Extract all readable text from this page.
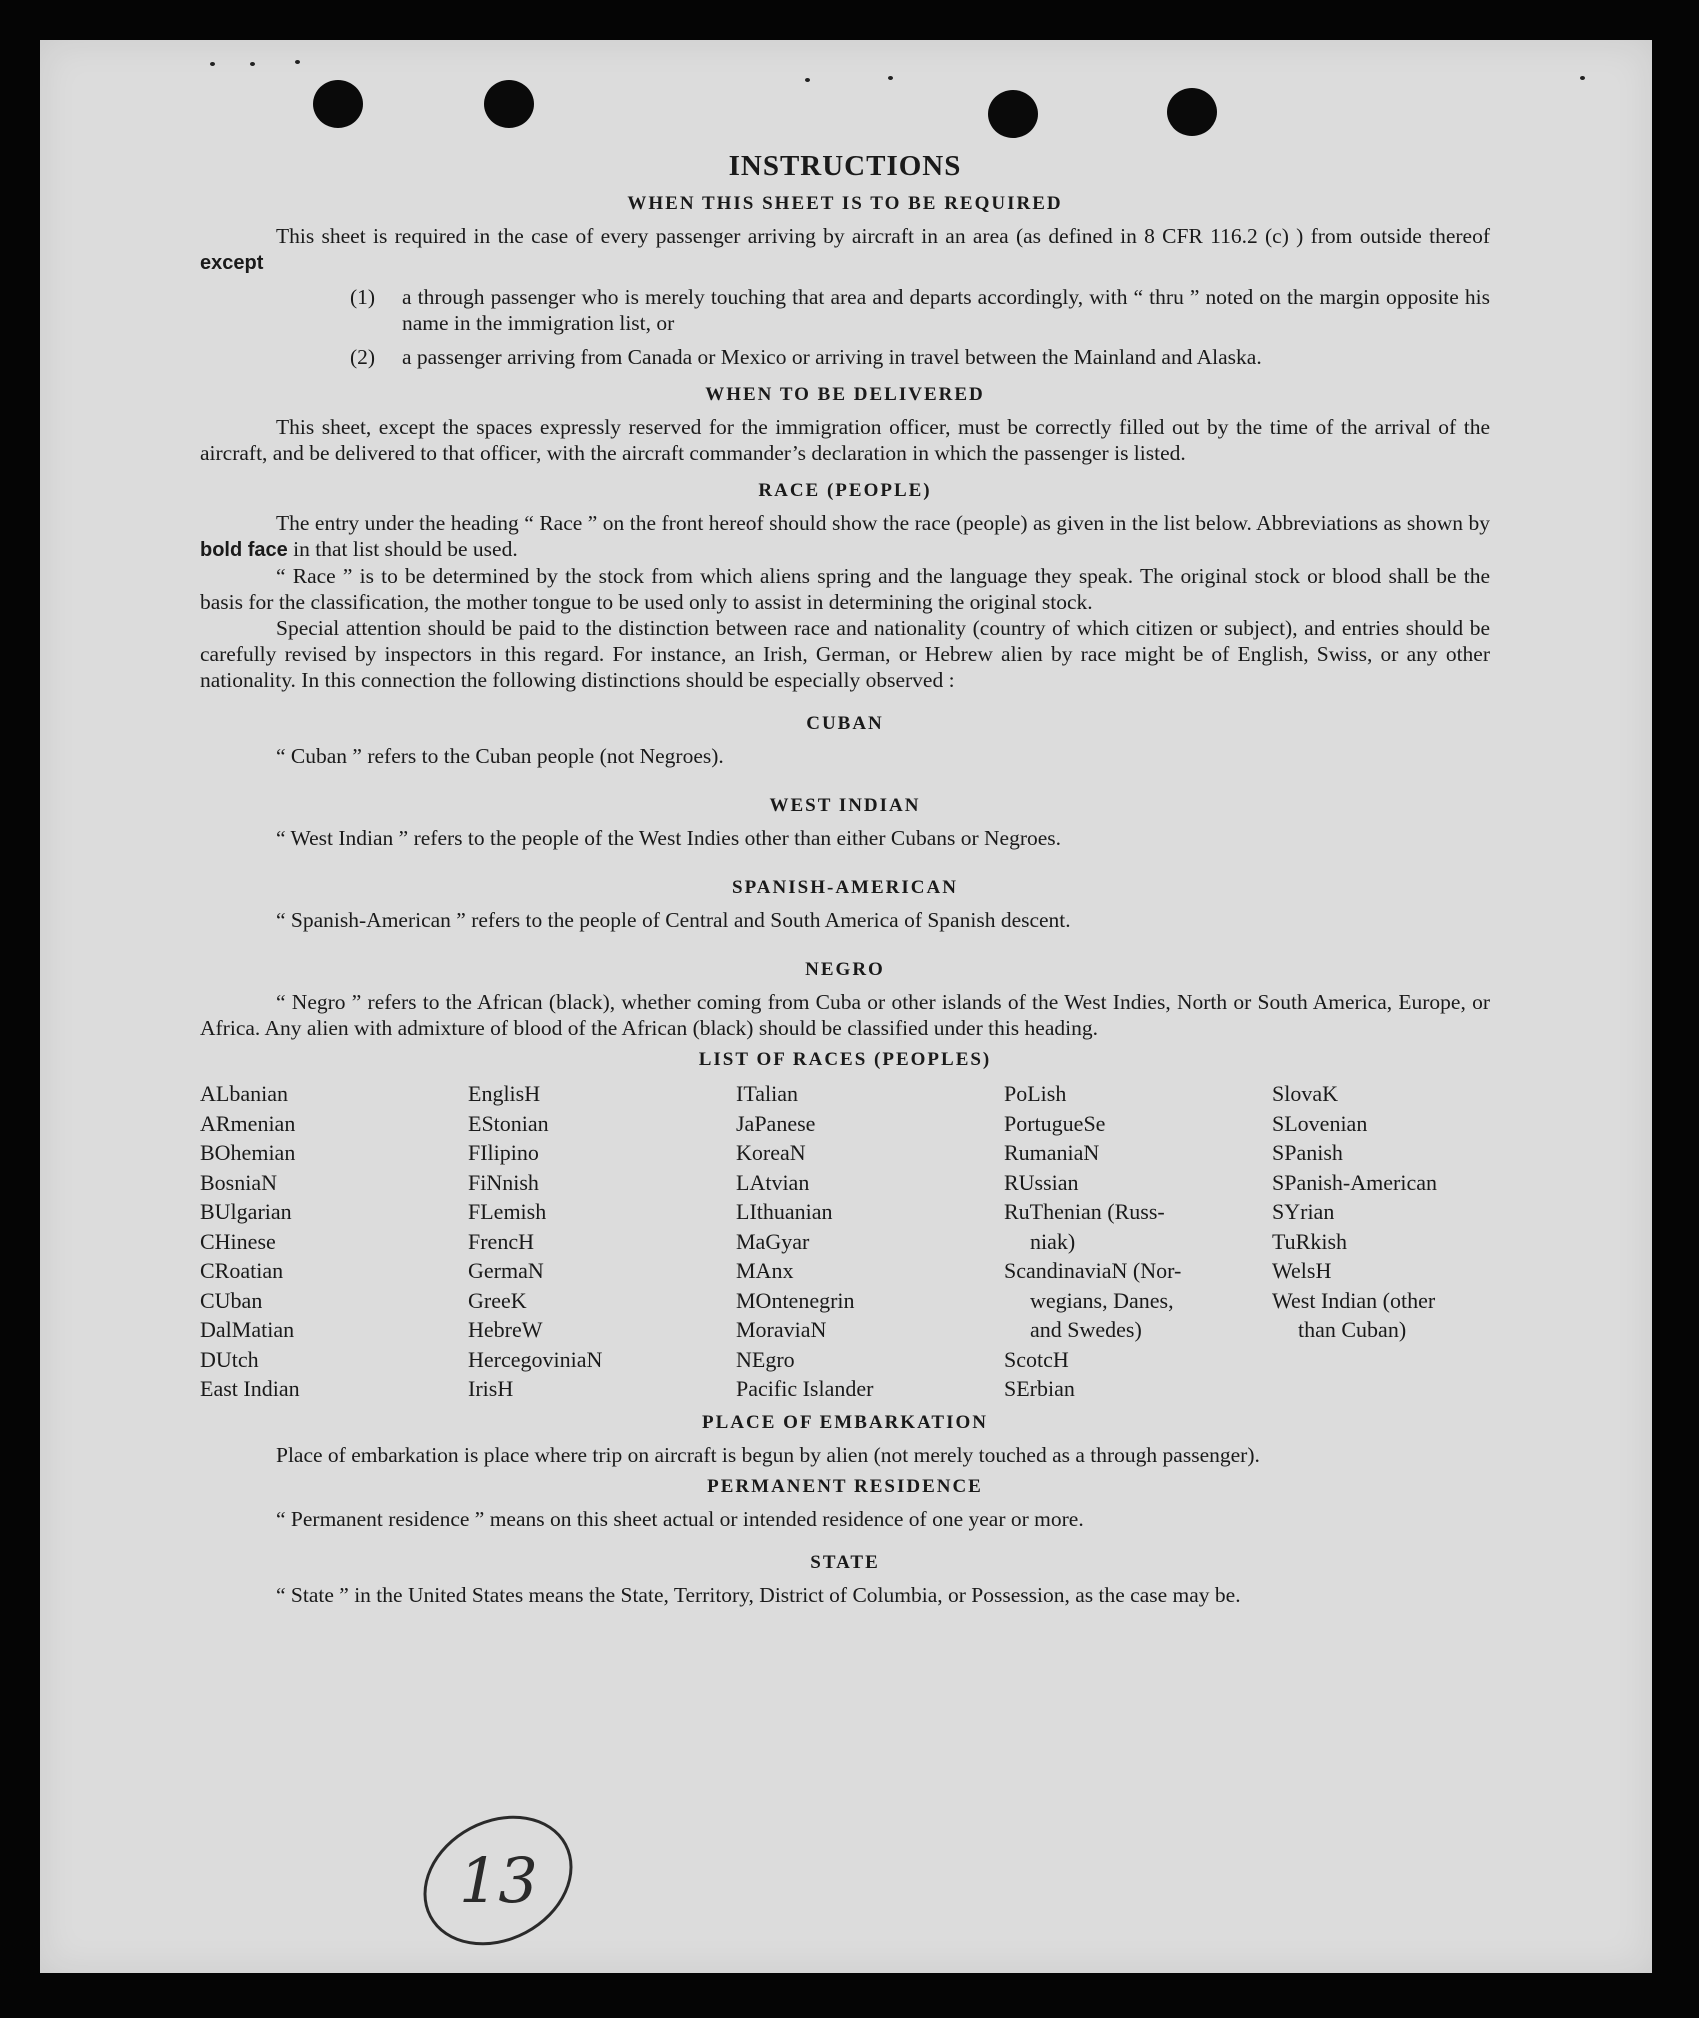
INSTRUCTIONS
WHEN THIS SHEET IS TO BE REQUIRED

This sheet is required in the case of every passenger arriving by aircraft in an area (as defined in 8 CFR 116.2 (c) ) from outside thereof except

(1)	a through passenger who is merely touching that area and departs accordingly, with “ thru ” noted on the margin opposite his name in the immigration list, or
(2)	a passenger arriving from Canada or Mexico or arriving in travel between the Mainland and Alaska.
WHEN TO BE DELIVERED

This sheet, except the spaces expressly reserved for the immigration officer, must be correctly filled out by the time of the arrival of the aircraft, and be delivered to that officer, with the aircraft commander’s declaration in which the passenger is listed.

RACE (PEOPLE)

The entry under the heading “ Race ” on the front hereof should show the race (people) as given in the list below. Abbreviations as shown by bold face in that list should be used.

“ Race ” is to be determined by the stock from which aliens spring and the language they speak. The original stock or blood shall be the basis for the classification, the mother tongue to be used only to assist in determining the original stock.

Special attention should be paid to the distinction between race and nationality (country of which citizen or subject), and entries should be carefully revised by inspectors in this regard. For instance, an Irish, German, or Hebrew alien by race might be of English, Swiss, or any other nationality. In this connection the following distinctions should be especially observed :

CUBAN

“ Cuban ” refers to the Cuban people (not Negroes).

WEST INDIAN

“ West Indian ” refers to the people of the West Indies other than either Cubans or Negroes.

SPANISH-AMERICAN

“ Spanish-American ” refers to the people of Central and South America of Spanish descent.

NEGRO

“ Negro ” refers to the African (black), whether coming from Cuba or other islands of the West Indies, North or South America, Europe, or Africa. Any alien with admixture of blood of the African (black) should be classified under this heading.

LIST OF RACES (PEOPLES)
ALbanian
ARmenian
BOhemian
BosniaN
BUlgarian
CHinese
CRoatian
CUban
DalMatian
DUtch
East Indian
EnglisH
EStonian
FIlipino
FiNnish
FLemish
FrencH
GermaN
GreeK
HebreW
HercegoviniaN
IrisH
ITalian
JaPanese
KoreaN
LAtvian
LIthuanian
MaGyar
MAnx
MOntenegrin
MoraviaN
NEgro
Pacific Islander
PoLish
PortugueSe
RumaniaN
RUssian
RuThenian (Russ-
niak)
ScandinaviaN (Nor-
wegians, Danes,
and Swedes)
ScotcH
SErbian
SlovaK
SLovenian
SPanish
SPanish-American
SYrian
TuRkish
WelsH
West Indian (other
than Cuban)
PLACE OF EMBARKATION

Place of embarkation is place where trip on aircraft is begun by alien (not merely touched as a through passenger).

PERMANENT RESIDENCE

“ Permanent residence ” means on this sheet actual or intended residence of one year or more.

STATE

“ State ” in the United States means the State, Territory, District of Columbia, or Possession, as the case may be.

13
